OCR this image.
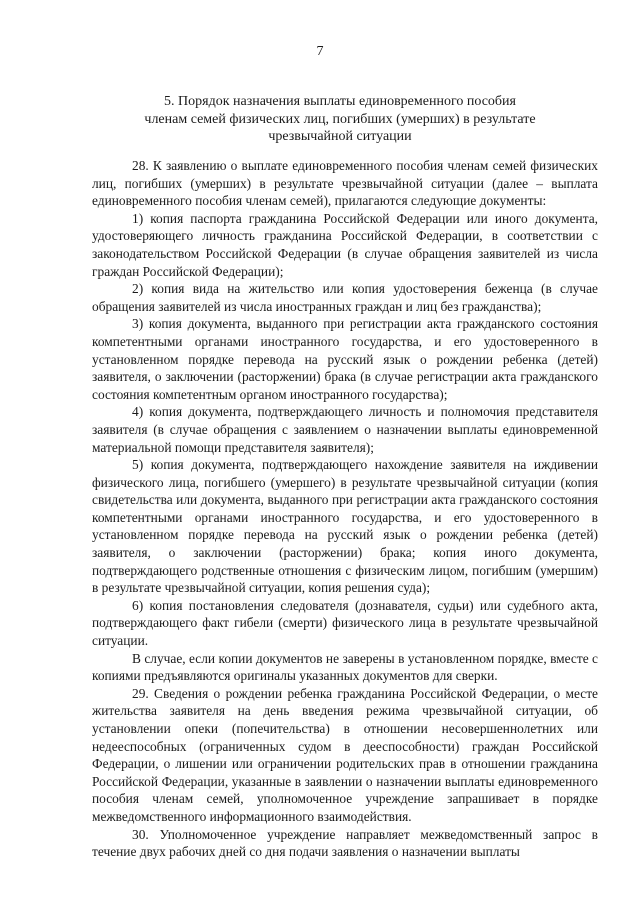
7
5. Порядок назначения выплаты единовременного пособия
членам семей физических лиц, погибших (умерших) в результате
чрезвычайной ситуации

28. К заявлению о выплате единовременного пособия членам семей физических лиц, погибших (умерших) в результате чрезвычайной ситуации (далее – выплата единовременного пособия членам семей), прилагаются следующие документы:

1) копия паспорта гражданина Российской Федерации или иного документа, удостоверяющего личность гражданина Российской Федерации, в соответствии с законодательством Российской Федерации (в случае обращения заявителей из числа граждан Российской Федерации);

2) копия вида на жительство или копия удостоверения беженца (в случае обращения заявителей из числа иностранных граждан и лиц без гражданства);

3) копия документа, выданного при регистрации акта гражданского состояния компетентными органами иностранного государства, и его удостоверенного в установленном порядке перевода на русский язык о рождении ребенка (детей) заявителя, о заключении (расторжении) брака (в случае регистрации акта гражданского состояния компетентным органом иностранного государства);

4) копия документа, подтверждающего личность и полномочия представителя заявителя (в случае обращения с заявлением о назначении выплаты единовременной материальной помощи представителя заявителя);

5) копия документа, подтверждающего нахождение заявителя на иждивении физического лица, погибшего (умершего) в результате чрезвычайной ситуации (копия свидетельства или документа, выданного при регистрации акта гражданского состояния компетентными органами иностранного государства, и его удостоверенного в установленном порядке перевода на русский язык о рождении ребенка (детей) заявителя, о заключении (расторжении) брака; копия иного документа, подтверждающего родственные отношения с физическим лицом, погибшим (умершим) в результате чрезвычайной ситуации, копия решения суда);

6) копия постановления следователя (дознавателя, судьи) или судебного акта, подтверждающего факт гибели (смерти) физического лица в результате чрезвычайной ситуации.

В случае, если копии документов не заверены в установленном порядке, вместе с копиями предъявляются оригиналы указанных документов для сверки.

29. Сведения о рождении ребенка гражданина Российской Федерации, о месте жительства заявителя на день введения режима чрезвычайной ситуации, об установлении опеки (попечительства) в отношении несовершеннолетних или недееспособных (ограниченных судом в дееспособности) граждан Российской Федерации, о лишении или ограничении родительских прав в отношении гражданина Российской Федерации, указанные в заявлении о назначении выплаты единовременного пособия членам семей, уполномоченное учреждение запрашивает в порядке межведомственного информационного взаимодействия.

30. Уполномоченное учреждение направляет межведомственный запрос в течение двух рабочих дней со дня подачи заявления о назначении выплаты
